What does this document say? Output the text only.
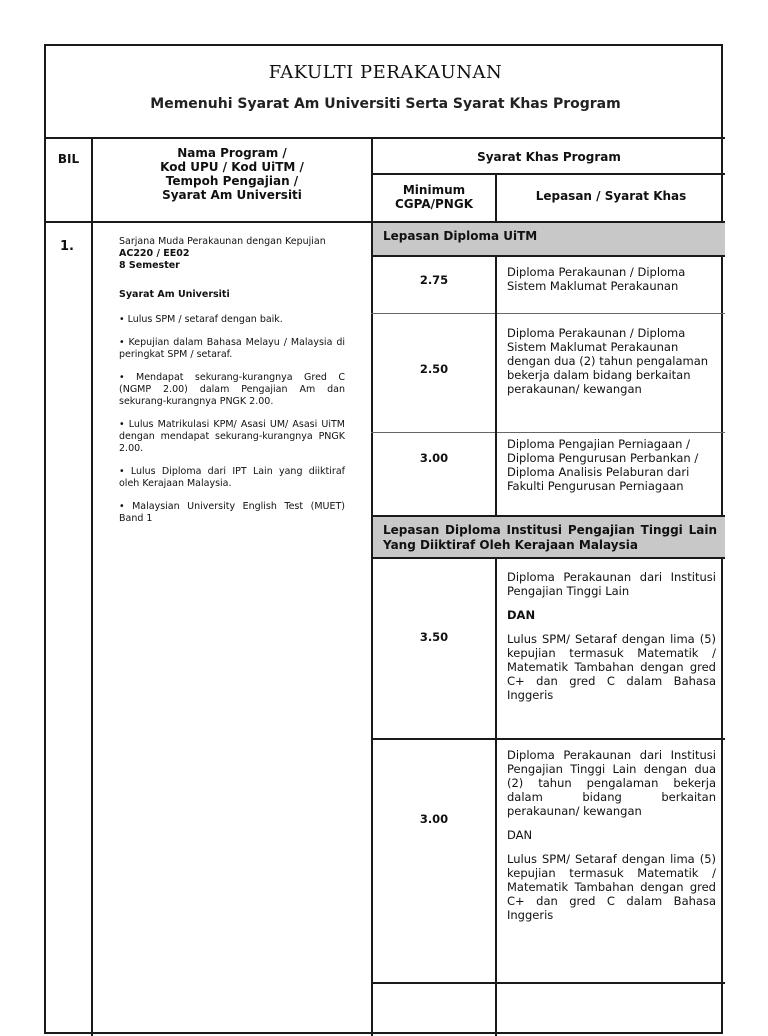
FAKULTI PERAKAUNAN
Memenuhi Syarat Am Universiti Serta Syarat Khas Program
BIL	Nama Program /
Kod UPU / Kod UiTM /
Tempoh Pengajian /
Syarat Am Universiti
Syarat Khas Program
Minimum
CGPA/PNGK
Lepasan / Syarat Khas
1.	Sarjana Muda Perakaunan dengan Kepujian
AC220 / EE02
8 Semester

Syarat Am Universiti

• Lulus SPM / setaraf dengan baik.

• Kepujian dalam Bahasa Melayu / Malaysia di peringkat SPM / setaraf.

• Mendapat sekurang-kurangnya Gred C (NGMP 2.00) dalam Pengajian Am dan sekurang-kurangnya PNGK 2.00.

• Lulus Matrikulasi KPM/ Asasi UM/ Asasi UiTM dengan mendapat sekurang-kurangnya PNGK 2.00.

• Lulus Diploma dari IPT Lain yang diiktiraf oleh Kerajaan Malaysia.

• Malaysian University English Test (MUET) Band 1

Lepasan Diploma UiTM
2.75
Diploma Perakaunan / Diploma Sistem Maklumat Perakaunan
2.50
Diploma Perakaunan / Diploma Sistem Maklumat Perakaunan dengan dua (2) tahun pengalaman bekerja dalam bidang berkaitan perakaunan/ kewangan
3.00
Diploma Pengajian Perniagaan / Diploma Pengurusan Perbankan / Diploma Analisis Pelaburan dari Fakulti Pengurusan Perniagaan
Lepasan Diploma Institusi Pengajian Tinggi Lain Yang Diiktiraf Oleh Kerajaan Malaysia
3.50

Diploma Perakaunan dari Institusi Pengajian Tinggi Lain

DAN

Lulus SPM/ Setaraf dengan lima (5) kepujian termasuk Matematik / Matematik Tambahan dengan gred C+ dan gred C dalam Bahasa Inggeris

3.00

Diploma Perakaunan dari Institusi Pengajian Tinggi Lain dengan dua (2) tahun pengalaman bekerja dalam bidang berkaitan perakaunan/ kewangan

DAN

Lulus SPM/ Setaraf dengan lima (5) kepujian termasuk Matematik / Matematik Tambahan dengan gred C+ dan gred C dalam Bahasa Inggeris
